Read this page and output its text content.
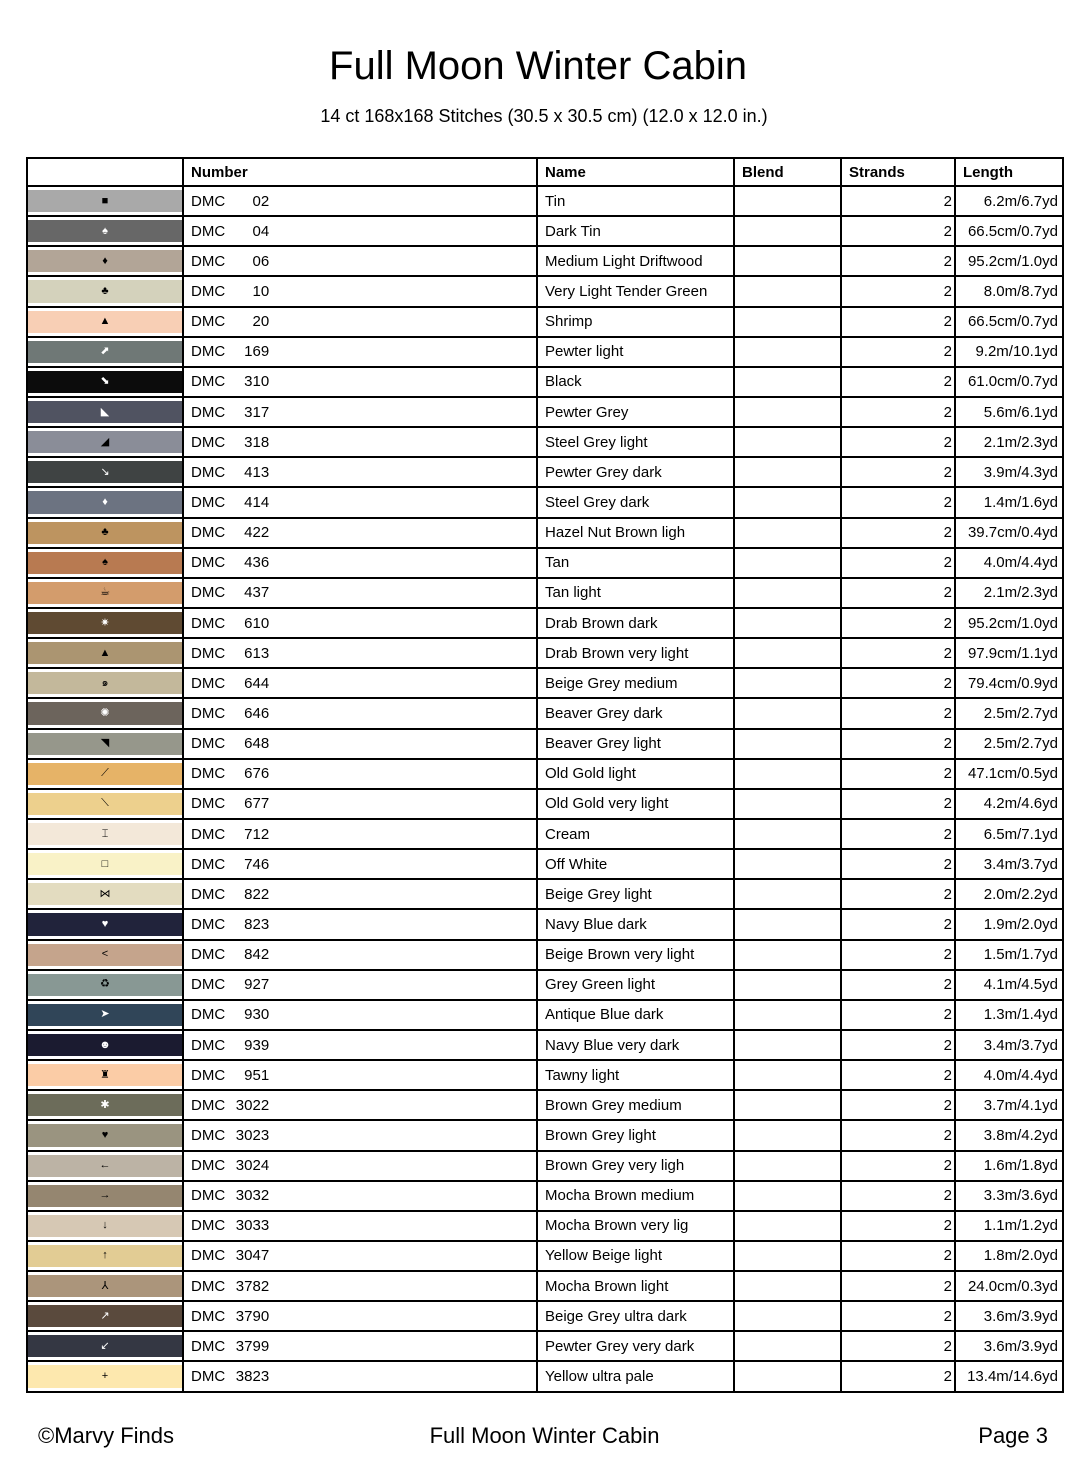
Full Moon Winter Cabin
14 ct 168x168 Stitches (30.5 x 30.5 cm) (12.0 x 12.0 in.)
	Number	Name	Blend	Strands	Length

■	DMC 02	Tin		2	6.2m/6.7yd

♠	DMC 04	Dark Tin		2	66.5cm/0.7yd

♦	DMC 06	Medium Light Driftwood		2	95.2cm/1.0yd

♣	DMC 10	Very Light Tender Green		2	8.0m/8.7yd

▲	DMC 20	Shrimp		2	66.5cm/0.7yd

⬈	DMC 169	Pewter light		2	9.2m/10.1yd

⬊	DMC 310	Black		2	61.0cm/0.7yd

◣	DMC 317	Pewter Grey		2	5.6m/6.1yd

◢	DMC 318	Steel Grey light		2	2.1m/2.3yd

↘	DMC 413	Pewter Grey dark		2	3.9m/4.3yd

♦	DMC 414	Steel Grey dark		2	1.4m/1.6yd

♣	DMC 422	Hazel Nut Brown ligh		2	39.7cm/0.4yd

♠	DMC 436	Tan		2	4.0m/4.4yd

☕	DMC 437	Tan light		2	2.1m/2.3yd

✷	DMC 610	Drab Brown dark		2	95.2cm/1.0yd

▲	DMC 613	Drab Brown very light		2	97.9cm/1.1yd

๑	DMC 644	Beige Grey medium		2	79.4cm/0.9yd

✺	DMC 646	Beaver Grey dark		2	2.5m/2.7yd

◥	DMC 648	Beaver Grey light		2	2.5m/2.7yd

⟋	DMC 676	Old Gold light		2	47.1cm/0.5yd

⟍	DMC 677	Old Gold very light		2	4.2m/4.6yd

⌶	DMC 712	Cream		2	6.5m/7.1yd

□	DMC 746	Off White		2	3.4m/3.7yd

⋈	DMC 822	Beige Grey light		2	2.0m/2.2yd

♥	DMC 823	Navy Blue dark		2	1.9m/2.0yd

<	DMC 842	Beige Brown very light		2	1.5m/1.7yd

♻	DMC 927	Grey Green light		2	4.1m/4.5yd

➤	DMC 930	Antique Blue dark		2	1.3m/1.4yd

☻	DMC 939	Navy Blue very dark		2	3.4m/3.7yd

♜	DMC 951	Tawny light		2	4.0m/4.4yd

✱	DMC 3022	Brown Grey medium		2	3.7m/4.1yd

♥	DMC 3023	Brown Grey light		2	3.8m/4.2yd

←	DMC 3024	Brown Grey very ligh		2	1.6m/1.8yd

→	DMC 3032	Mocha Brown medium		2	3.3m/3.6yd

↓	DMC 3033	Mocha Brown very lig		2	1.1m/1.2yd

↑	DMC 3047	Yellow Beige light		2	1.8m/2.0yd

⅄	DMC 3782	Mocha Brown light		2	24.0cm/0.3yd

↗	DMC 3790	Beige Grey ultra dark		2	3.6m/3.9yd

↙	DMC 3799	Pewter Grey very dark		2	3.6m/3.9yd

+	DMC 3823	Yellow ultra pale		2	13.4m/14.6yd
©Marvy Finds	Full Moon Winter Cabin	Page 3
